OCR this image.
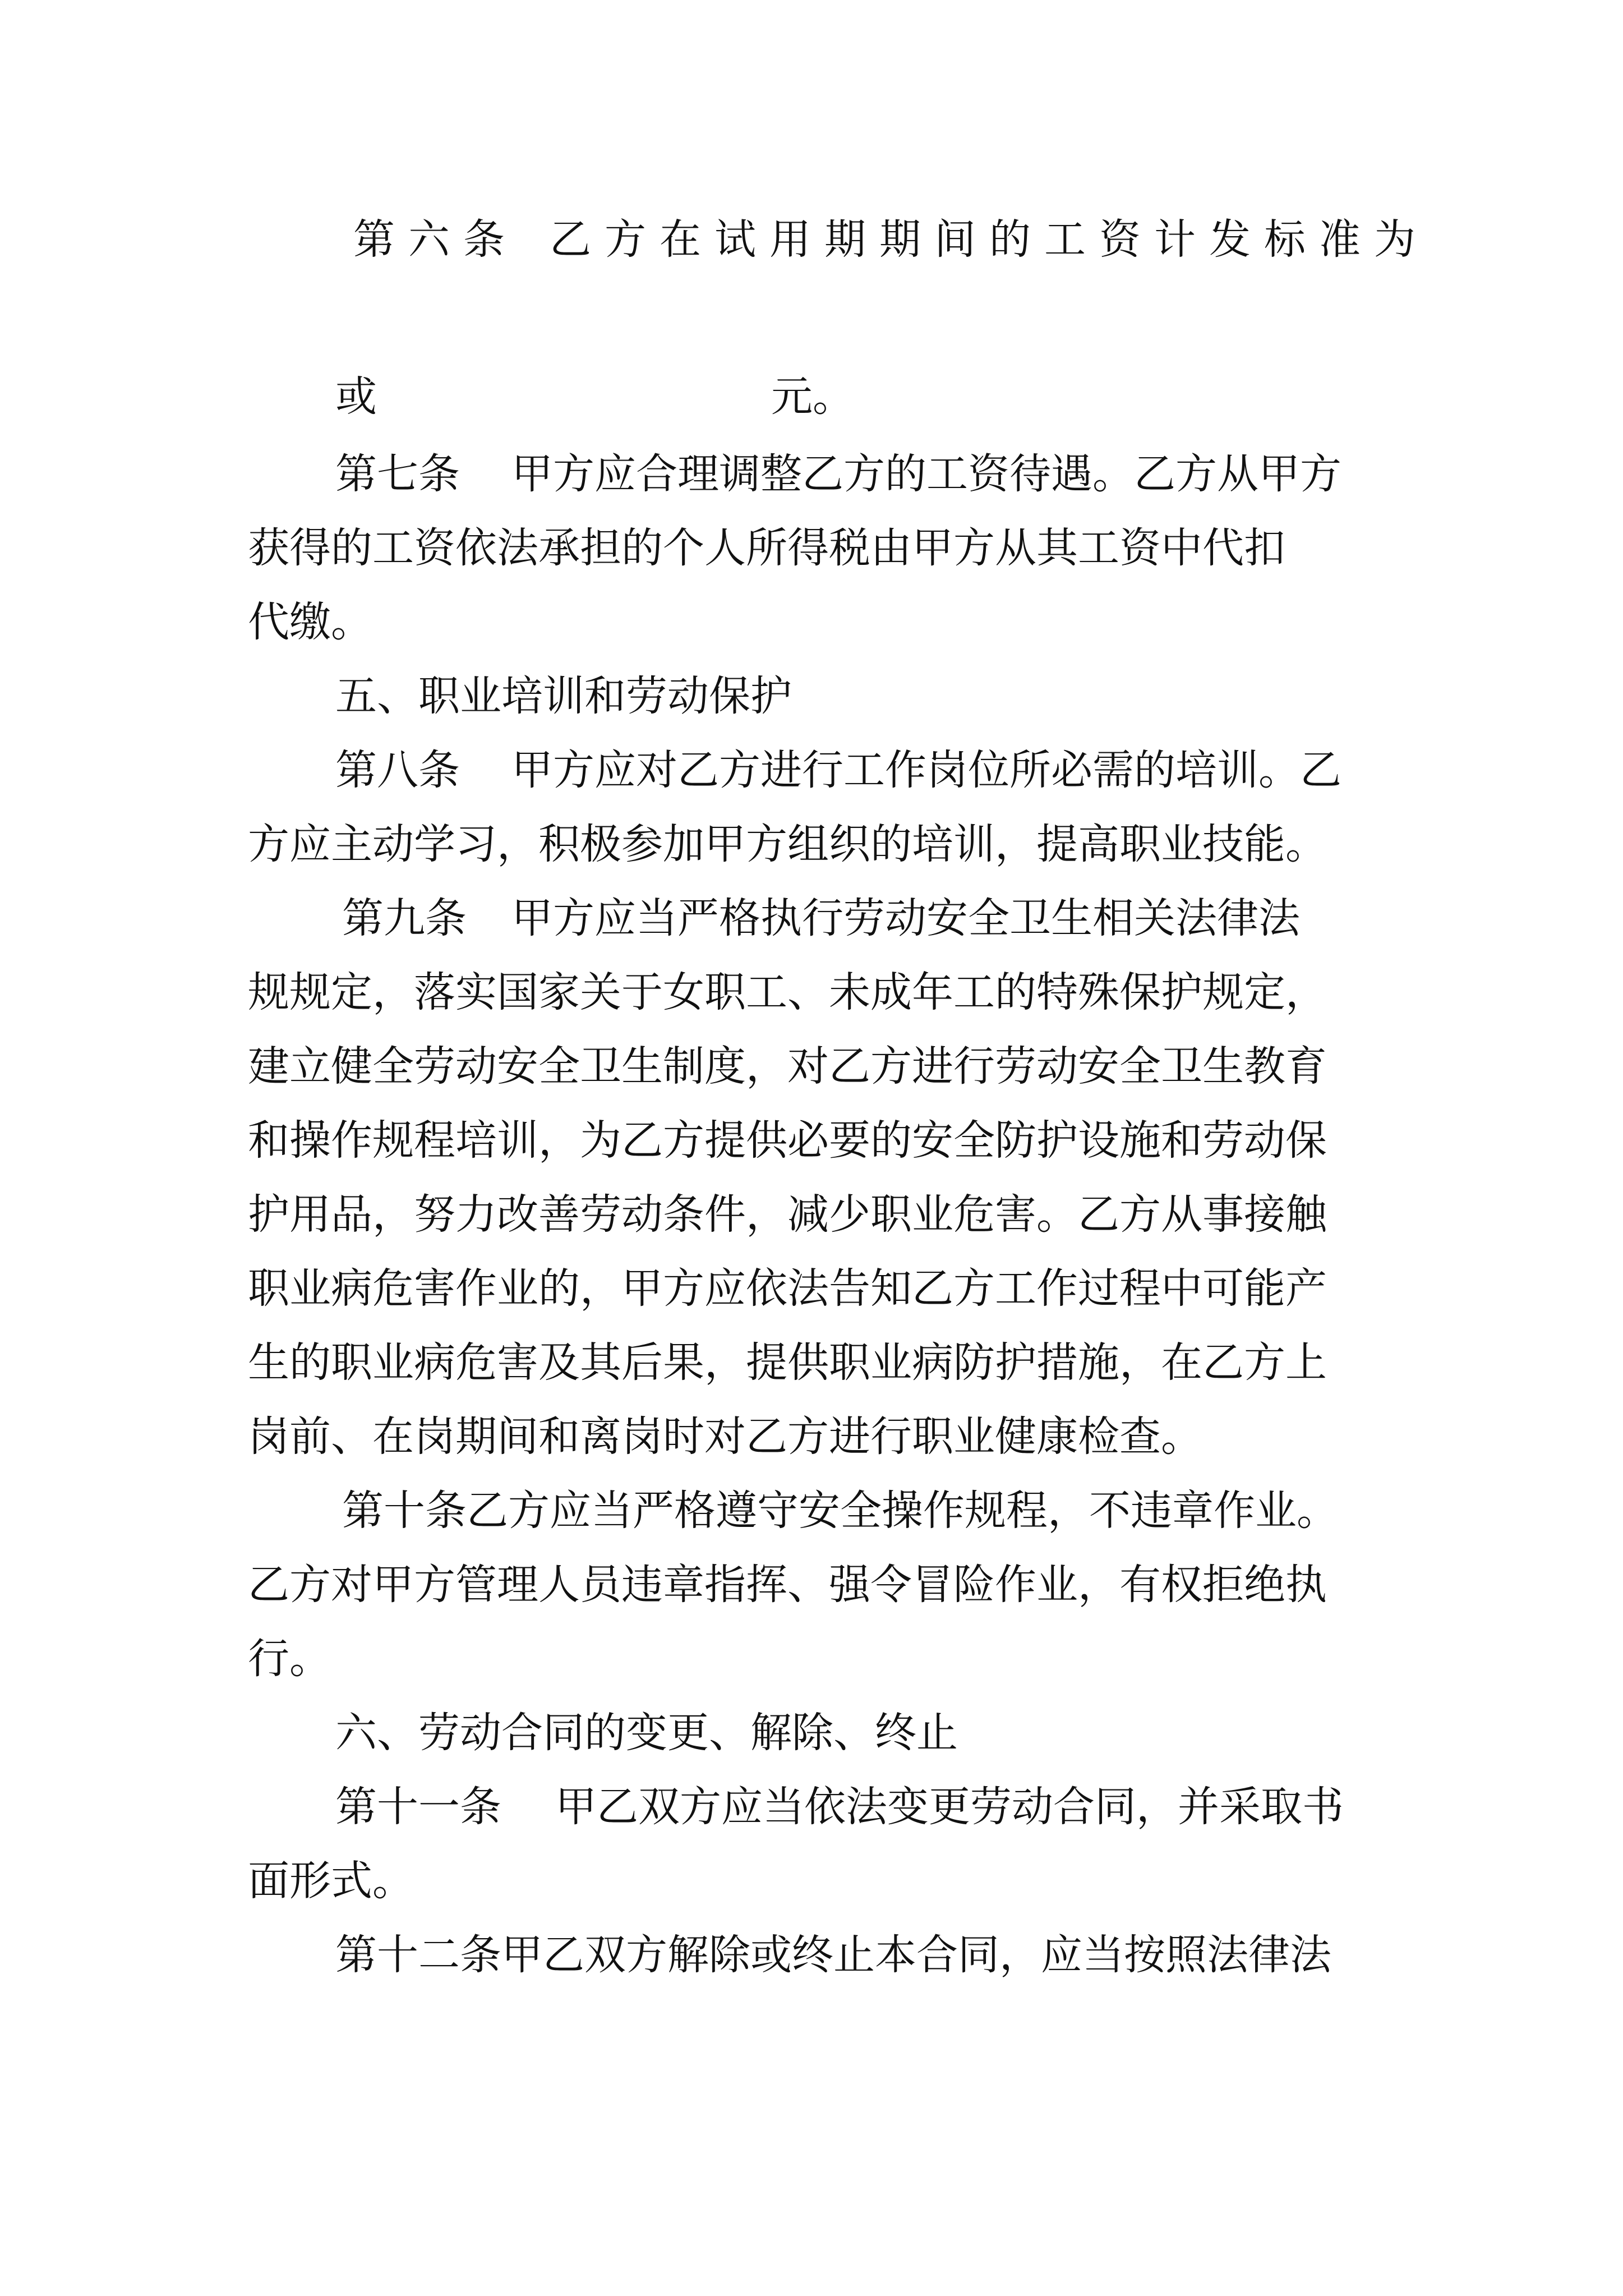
第六条 乙方在试用期期间的工资计发标准为
或	元。
第七条 甲方应合理调整乙方的工资待遇。乙方从甲方
获得的工资依法承担的个人所得税由甲方从其工资中代扣
代缴。
五、职业培训和劳动保护
第八条 甲方应对乙方进行工作岗位所必需的培训。乙
方应主动学习，积极参加甲方组织的培训，提高职业技能。
第九条 甲方应当严格执行劳动安全卫生相关法律法
规规定，落实国家关于女职工、未成年工的特殊保护规定，
建立健全劳动安全卫生制度，对乙方进行劳动安全卫生教育
和操作规程培训，为乙方提供必要的安全防护设施和劳动保
护用品，努力改善劳动条件，减少职业危害。乙方从事接触
职业病危害作业的，甲方应依法告知乙方工作过程中可能产
生的职业病危害及其后果，提供职业病防护措施，在乙方上
岗前、在岗期间和离岗时对乙方进行职业健康检查。
第十条乙方应当严格遵守安全操作规程，不违章作业。
乙方对甲方管理人员违章指挥、强令冒险作业，有权拒绝执
行。
六、劳动合同的变更、解除、终止
第十一条 甲乙双方应当依法变更劳动合同，并采取书
面形式。
第十二条甲乙双方解除或终止本合同，应当按照法律法
